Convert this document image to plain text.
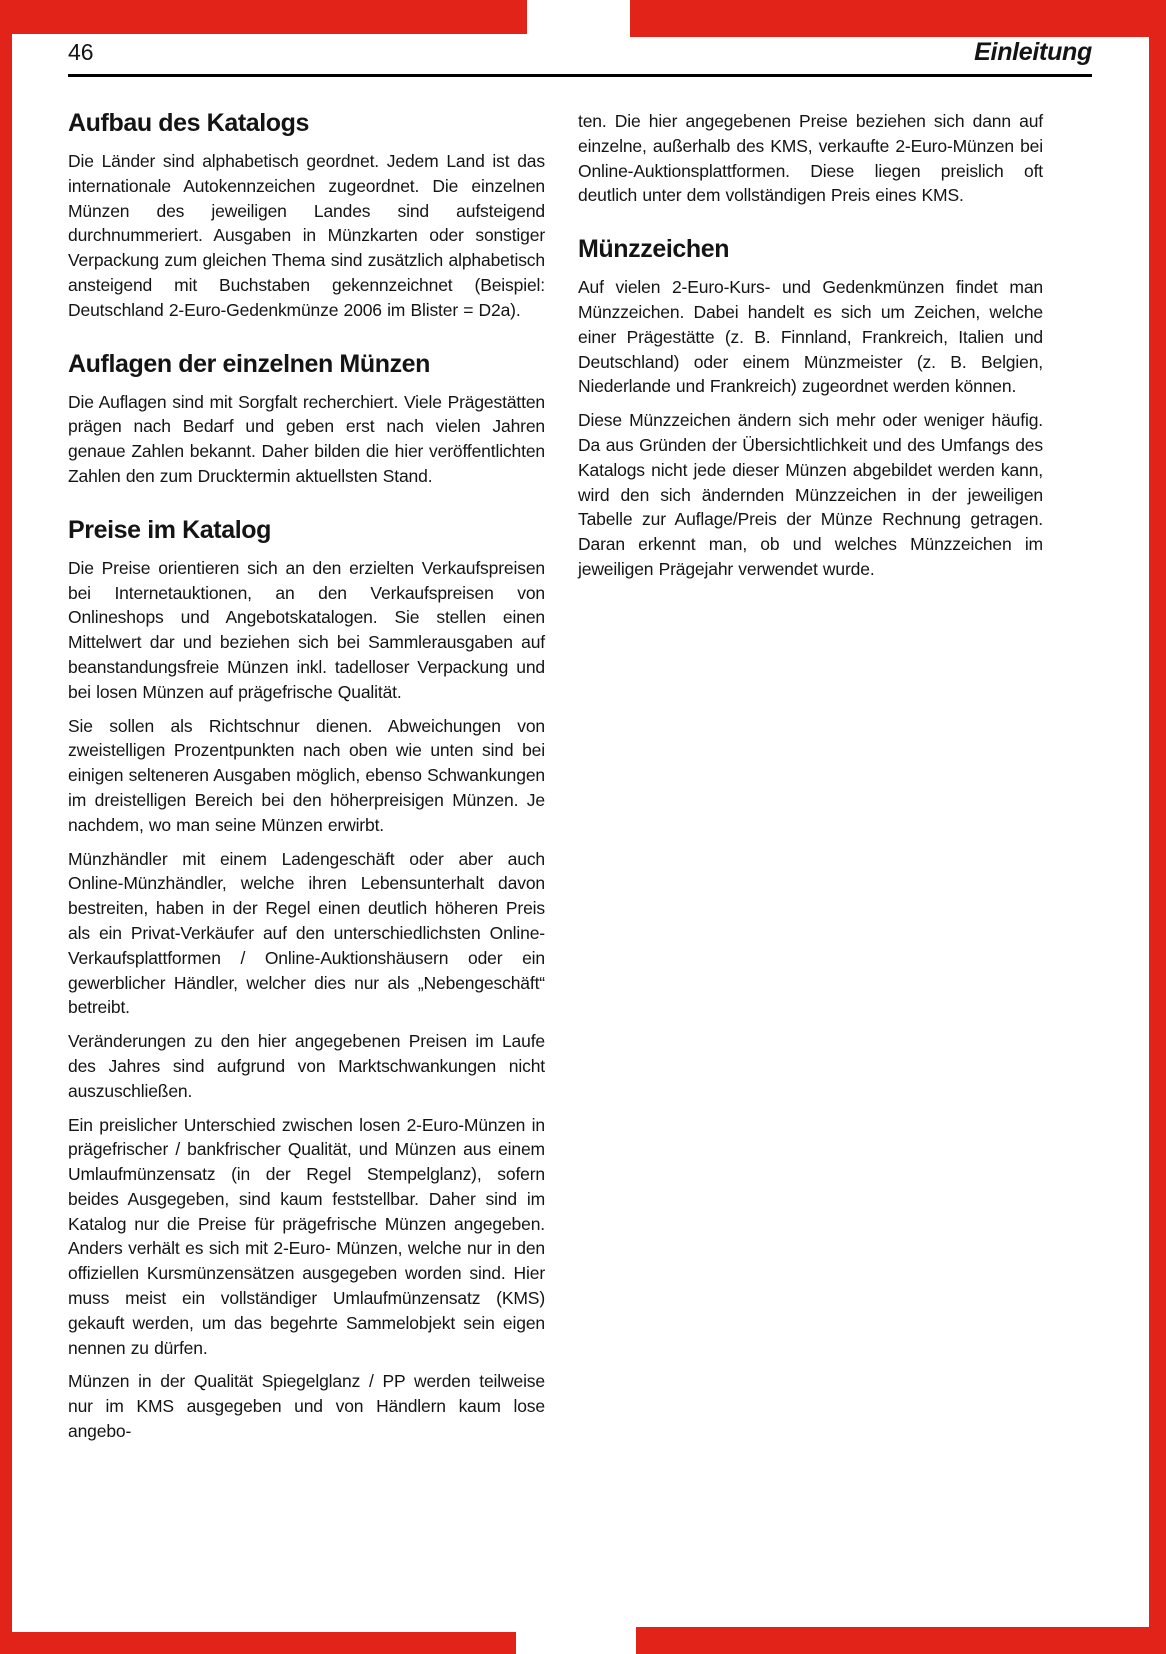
46	Einleitung
Aufbau des Katalogs

Die Länder sind alphabetisch geordnet. Jedem Land ist das internationale Autokennzeichen zugeordnet. Die einzelnen Münzen des jeweiligen Landes sind aufsteigend durchnummeriert. Ausgaben in Münzkarten oder sonstiger Verpackung zum gleichen Thema sind zusätzlich alphabetisch ansteigend mit Buchstaben gekennzeichnet (Beispiel: Deutschland 2-Euro-Gedenkmünze 2006 im Blister = D2a).

Auflagen der einzelnen Münzen

Die Auflagen sind mit Sorgfalt recherchiert. Viele Prägestätten prägen nach Bedarf und geben erst nach vielen Jahren genaue Zahlen bekannt. Daher bilden die hier veröffentlichten Zahlen den zum Drucktermin aktuellsten Stand.

Preise im Katalog

Die Preise orientieren sich an den erzielten Verkaufspreisen bei Internetauktionen, an den Verkaufspreisen von Onlineshops und Angebotskatalogen. Sie stellen einen Mittelwert dar und beziehen sich bei Sammlerausgaben auf beanstandungsfreie Münzen inkl. tadelloser Verpackung und bei losen Münzen auf prägefrische Qualität.

Sie sollen als Richtschnur dienen. Abweichungen von zweistelligen Prozentpunkten nach oben wie unten sind bei einigen selteneren Ausgaben möglich, ebenso Schwankungen im dreistelligen Bereich bei den höherpreisigen Münzen. Je nachdem, wo man seine Münzen erwirbt.

Münzhändler mit einem Ladengeschäft oder aber auch Online-Münzhändler, welche ihren Lebensunterhalt davon bestreiten, haben in der Regel einen deutlich höheren Preis als ein Privat-Verkäufer auf den unterschiedlichsten Online-Verkaufsplattformen / Online-Auktionshäusern oder ein gewerblicher Händler, welcher dies nur als „Nebengeschäft“ betreibt.

Veränderungen zu den hier angegebenen Preisen im Laufe des Jahres sind aufgrund von Marktschwankungen nicht auszuschließen.

Ein preislicher Unterschied zwischen losen 2-Euro-Münzen in prägefrischer / bankfrischer Qualität, und Münzen aus einem Umlaufmünzensatz (in der Regel Stempelglanz), sofern beides Ausgegeben, sind kaum feststellbar. Daher sind im Katalog nur die Preise für prägefrische Münzen angegeben. Anders verhält es sich mit 2-Euro- Münzen, welche nur in den offiziellen Kursmünzensätzen ausgegeben worden sind. Hier muss meist ein vollständiger Umlaufmünzensatz (KMS) gekauft werden, um das begehrte Sammelobjekt sein eigen nennen zu dürfen.

Münzen in der Qualität Spiegelglanz / PP werden teilweise nur im KMS ausgegeben und von Händlern kaum lose angebo-

ten. Die hier angegebenen Preise beziehen sich dann auf einzelne, außerhalb des KMS, verkaufte 2-Euro-Münzen bei Online-Auktionsplattformen. Diese liegen preislich oft deutlich unter dem vollständigen Preis eines KMS.

Münzzeichen

Auf vielen 2-Euro-Kurs- und Gedenkmünzen findet man Münzzeichen. Dabei handelt es sich um Zeichen, welche einer Prägestätte (z. B. Finnland, Frankreich, Italien und Deutschland) oder einem Münzmeister (z. B. Belgien, Niederlande und Frankreich) zugeordnet werden können.

Diese Münzzeichen ändern sich mehr oder weniger häufig. Da aus Gründen der Übersichtlichkeit und des Umfangs des Katalogs nicht jede dieser Münzen abgebildet werden kann, wird den sich ändernden Münzzeichen in der jeweiligen Tabelle zur Auflage/Preis der Münze Rechnung getragen. Daran erkennt man, ob und welches Münzzeichen im jeweiligen Prägejahr verwendet wurde.
